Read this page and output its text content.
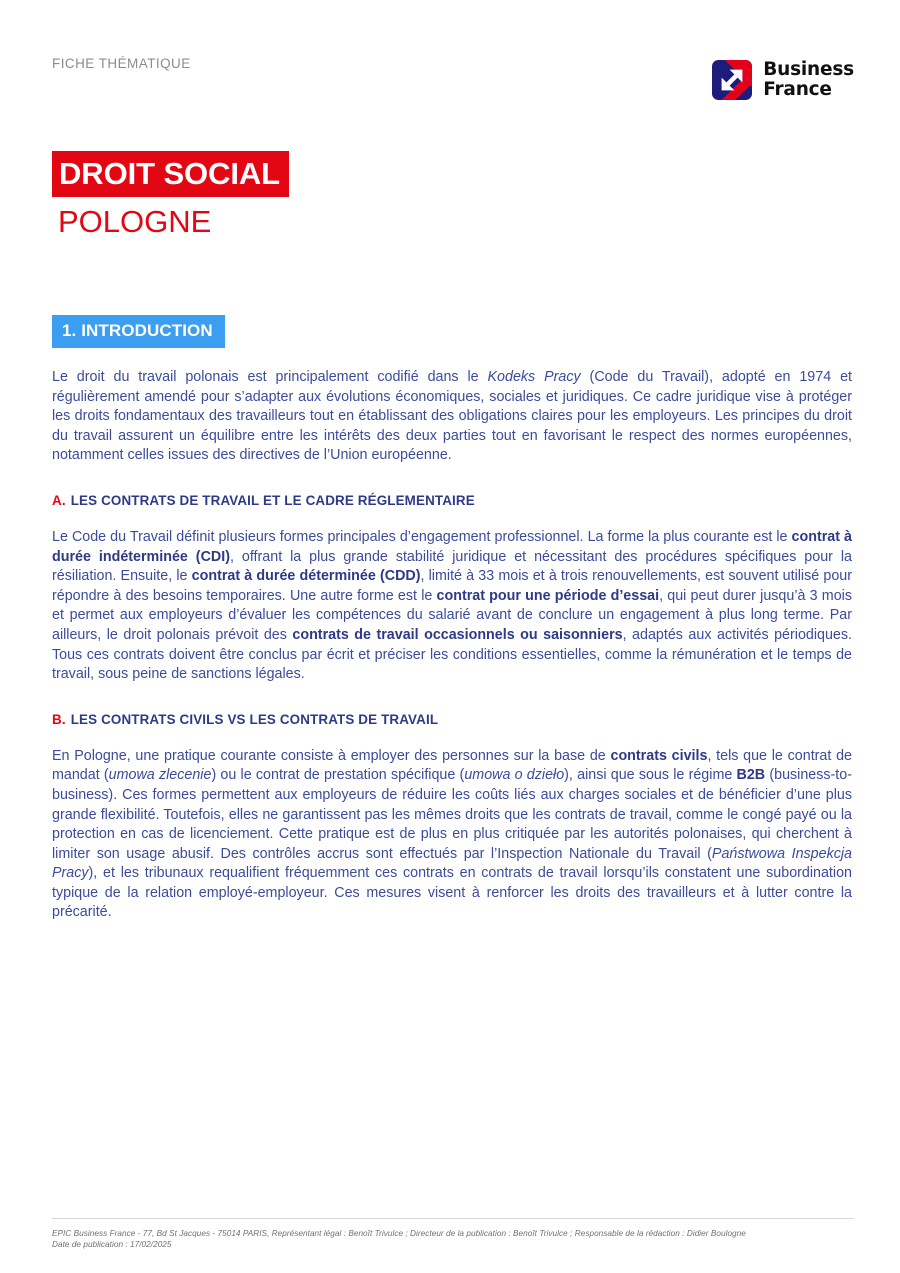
FICHE THÉMATIQUE	Business
France
DROIT SOCIAL
POLOGNE
1. INTRODUCTION

Le droit du travail polonais est principalement codifié dans le Kodeks Pracy (Code du Travail), adopté en 1974 et régulièrement amendé pour s’adapter aux évolutions économiques, sociales et juridiques. Ce cadre juridique vise à protéger les droits fondamentaux des travailleurs tout en établissant des obligations claires pour les employeurs. Les principes du droit du travail assurent un équilibre entre les intérêts des deux parties tout en favorisant le respect des normes européennes, notamment celles issues des directives de l’Union européenne.

A. LES CONTRATS DE TRAVAIL ET LE CADRE RÉGLEMENTAIRE

Le Code du Travail définit plusieurs formes principales d’engagement professionnel. La forme la plus courante est le contrat à durée indéterminée (CDI), offrant la plus grande stabilité juridique et nécessitant des procédures spécifiques pour la résiliation. Ensuite, le contrat à durée déterminée (CDD), limité à 33 mois et à trois renouvellements, est souvent utilisé pour répondre à des besoins temporaires. Une autre forme est le contrat pour une période d’essai, qui peut durer jusqu’à 3 mois et permet aux employeurs d’évaluer les compétences du salarié avant de conclure un engagement à plus long terme. Par ailleurs, le droit polonais prévoit des contrats de travail occasionnels ou saisonniers, adaptés aux activités périodiques. Tous ces contrats doivent être conclus par écrit et préciser les conditions essentielles, comme la rémunération et le temps de travail, sous peine de sanctions légales.

B. LES CONTRATS CIVILS VS LES CONTRATS DE TRAVAIL

En Pologne, une pratique courante consiste à employer des personnes sur la base de contrats civils, tels que le contrat de mandat (umowa zlecenie) ou le contrat de prestation spécifique (umowa o dzieło), ainsi que sous le régime B2B (business-to-business). Ces formes permettent aux employeurs de réduire les coûts liés aux charges sociales et de bénéficier d’une plus grande flexibilité. Toutefois, elles ne garantissent pas les mêmes droits que les contrats de travail, comme le congé payé ou la protection en cas de licenciement. Cette pratique est de plus en plus critiquée par les autorités polonaises, qui cherchent à limiter son usage abusif. Des contrôles accrus sont effectués par l’Inspection Nationale du Travail (Państwowa Inspekcja Pracy), et les tribunaux requalifient fréquemment ces contrats en contrats de travail lorsqu’ils constatent une subordination typique de la relation employé-employeur. Ces mesures visent à renforcer les droits des travailleurs et à lutter contre la précarité.

EPIC Business France - 77, Bd St Jacques - 75014 PARIS, Représentant légal : Benoît Trivulce ; Directeur de la publication : Benoît Trivulce ; Responsable de la rédaction : Didier Boulogne
Date de publication : 17/02/2025
